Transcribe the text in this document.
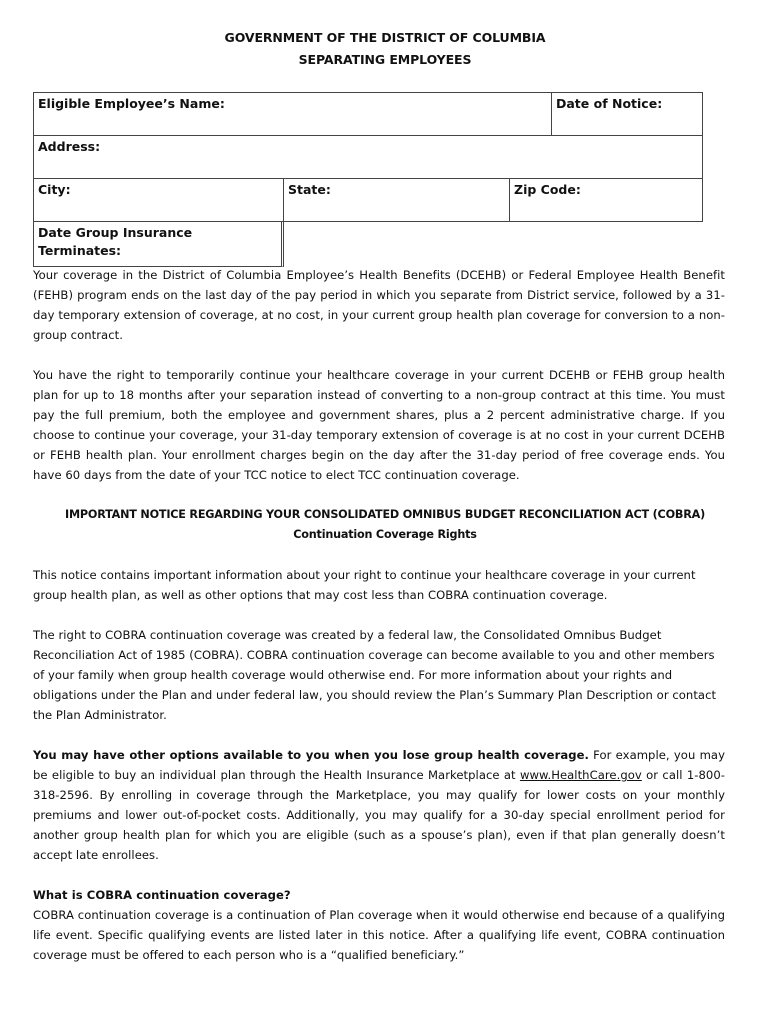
GOVERNMENT OF THE DISTRICT OF COLUMBIA
SEPARATING EMPLOYEES
Eligible Employee’s Name:	Date of Notice:
Address:
City:	State:	Zip Code:
Date Group Insurance Terminates:

Your coverage in the District of Columbia Employee’s Health Benefits (DCEHB) or Federal Employee Health Benefit (FEHB) program ends on the last day of the pay period in which you separate from District service, followed by a 31-day temporary extension of coverage, at no cost, in your current group health plan coverage for conversion to a non-group contract.

You have the right to temporarily continue your healthcare coverage in your current DCEHB or FEHB group health plan for up to 18 months after your separation instead of converting to a non-group contract at this time. You must pay the full premium, both the employee and government shares, plus a 2 percent administrative charge. If you choose to continue your coverage, your 31-day temporary extension of coverage is at no cost in your current DCEHB or FEHB health plan. Your enrollment charges begin on the day after the 31-day period of free coverage ends. You have 60 days from the date of your TCC notice to elect TCC continuation coverage.

IMPORTANT NOTICE REGARDING YOUR CONSOLIDATED OMNIBUS BUDGET RECONCILIATION ACT (COBRA)
Continuation Coverage Rights

This notice contains important information about your right to continue your healthcare coverage in your current group health plan, as well as other options that may cost less than COBRA continuation coverage.

The right to COBRA continuation coverage was created by a federal law, the Consolidated Omnibus Budget Reconciliation Act of 1985 (COBRA). COBRA continuation coverage can become available to you and other members of your family when group health coverage would otherwise end. For more information about your rights and obligations under the Plan and under federal law, you should review the Plan’s Summary Plan Description or contact the Plan Administrator.

You may have other options available to you when you lose group health coverage. For example, you may be eligible to buy an individual plan through the Health Insurance Marketplace at www.HealthCare.gov or call 1-800-318-2596. By enrolling in coverage through the Marketplace, you may qualify for lower costs on your monthly premiums and lower out-of-pocket costs. Additionally, you may qualify for a 30-day special enrollment period for another group health plan for which you are eligible (such as a spouse’s plan), even if that plan generally doesn’t accept late enrollees.

What is COBRA continuation coverage?

COBRA continuation coverage is a continuation of Plan coverage when it would otherwise end because of a qualifying life event. Specific qualifying events are listed later in this notice. After a qualifying life event, COBRA continuation coverage must be offered to each person who is a “qualified beneficiary.”
